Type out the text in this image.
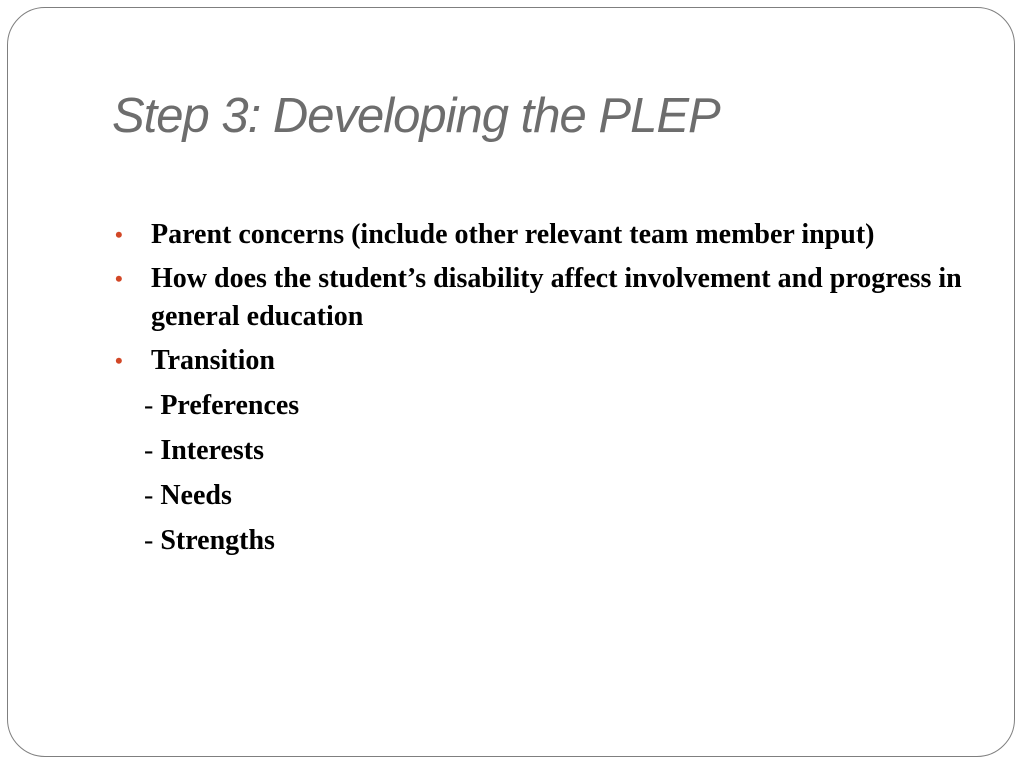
Step 3: Developing the PLEP
• Parent concerns (include other relevant team member input)
• How does the student’s disability affect involvement and progress in general education
• Transition
- Preferences
- Interests
- Needs
- Strengths
